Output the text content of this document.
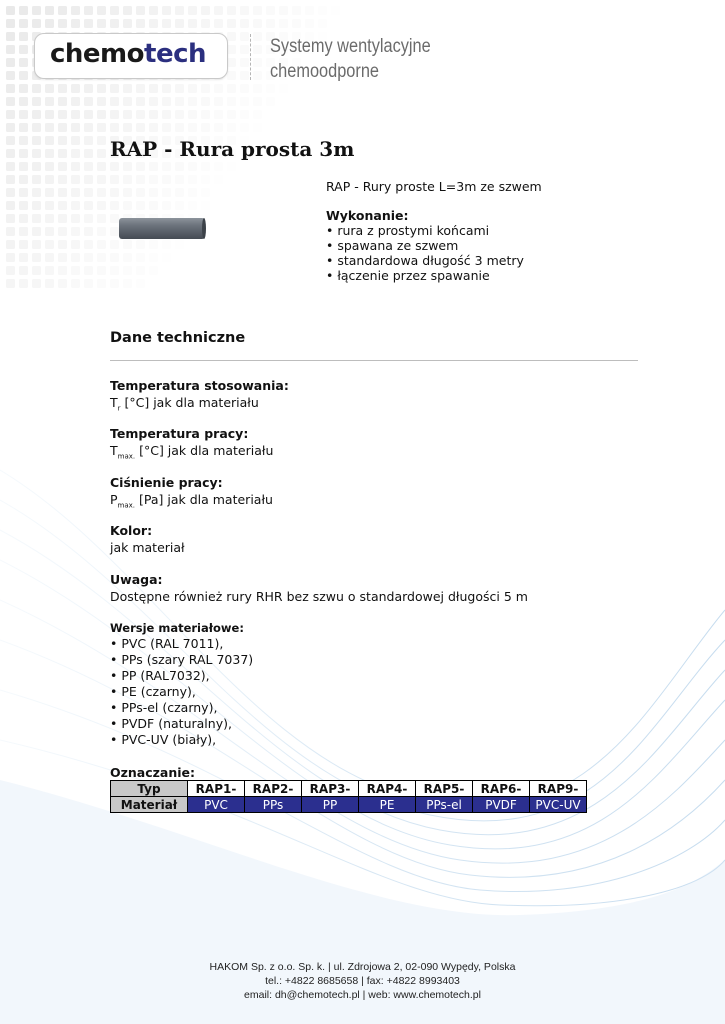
chemotech	Systemy wentylacyjne
chemoodporne
RAP - Rura prosta 3m
RAP - Rury proste L=3m ze szwem
Wykonanie:
• rura z prostymi końcami
• spawana ze szwem
• standardowa długość 3 metry
• łączenie przez spawanie
Dane techniczne
Temperatura stosowania:
$T_r$ [°C] jak dla materiału
Temperatura pracy:
$T_{max.}$ [°C] jak dla materiału
Ciśnienie pracy:
$P_{max.}$ [Pa] jak dla materiału
Kolor:
jak materiał
Uwaga:
Dostępne również rury RHR bez szwu o standardowej długości 5 m
Wersje materiałowe:
• PVC (RAL 7011),
• PPs (szary RAL 7037)
• PP (RAL7032),
• PE (czarny),
• PPs-el (czarny),
• PVDF (naturalny),
• PVC-UV (biały),
Oznaczanie:
Typ	RAP1-	RAP2-	RAP3-	RAP4-	RAP5-	RAP6-	RAP9-
Materiał	PVC	PPs	PP	PE	PPs-el	PVDF	PVC-UV
HAKOM Sp. z o.o. Sp. k. | ul. Zdrojowa 2, 02-090 Wypędy, Polska
tel.: +4822 8685658 | fax: +4822 8993403
email: dh@chemotech.pl | web: www.chemotech.pl
